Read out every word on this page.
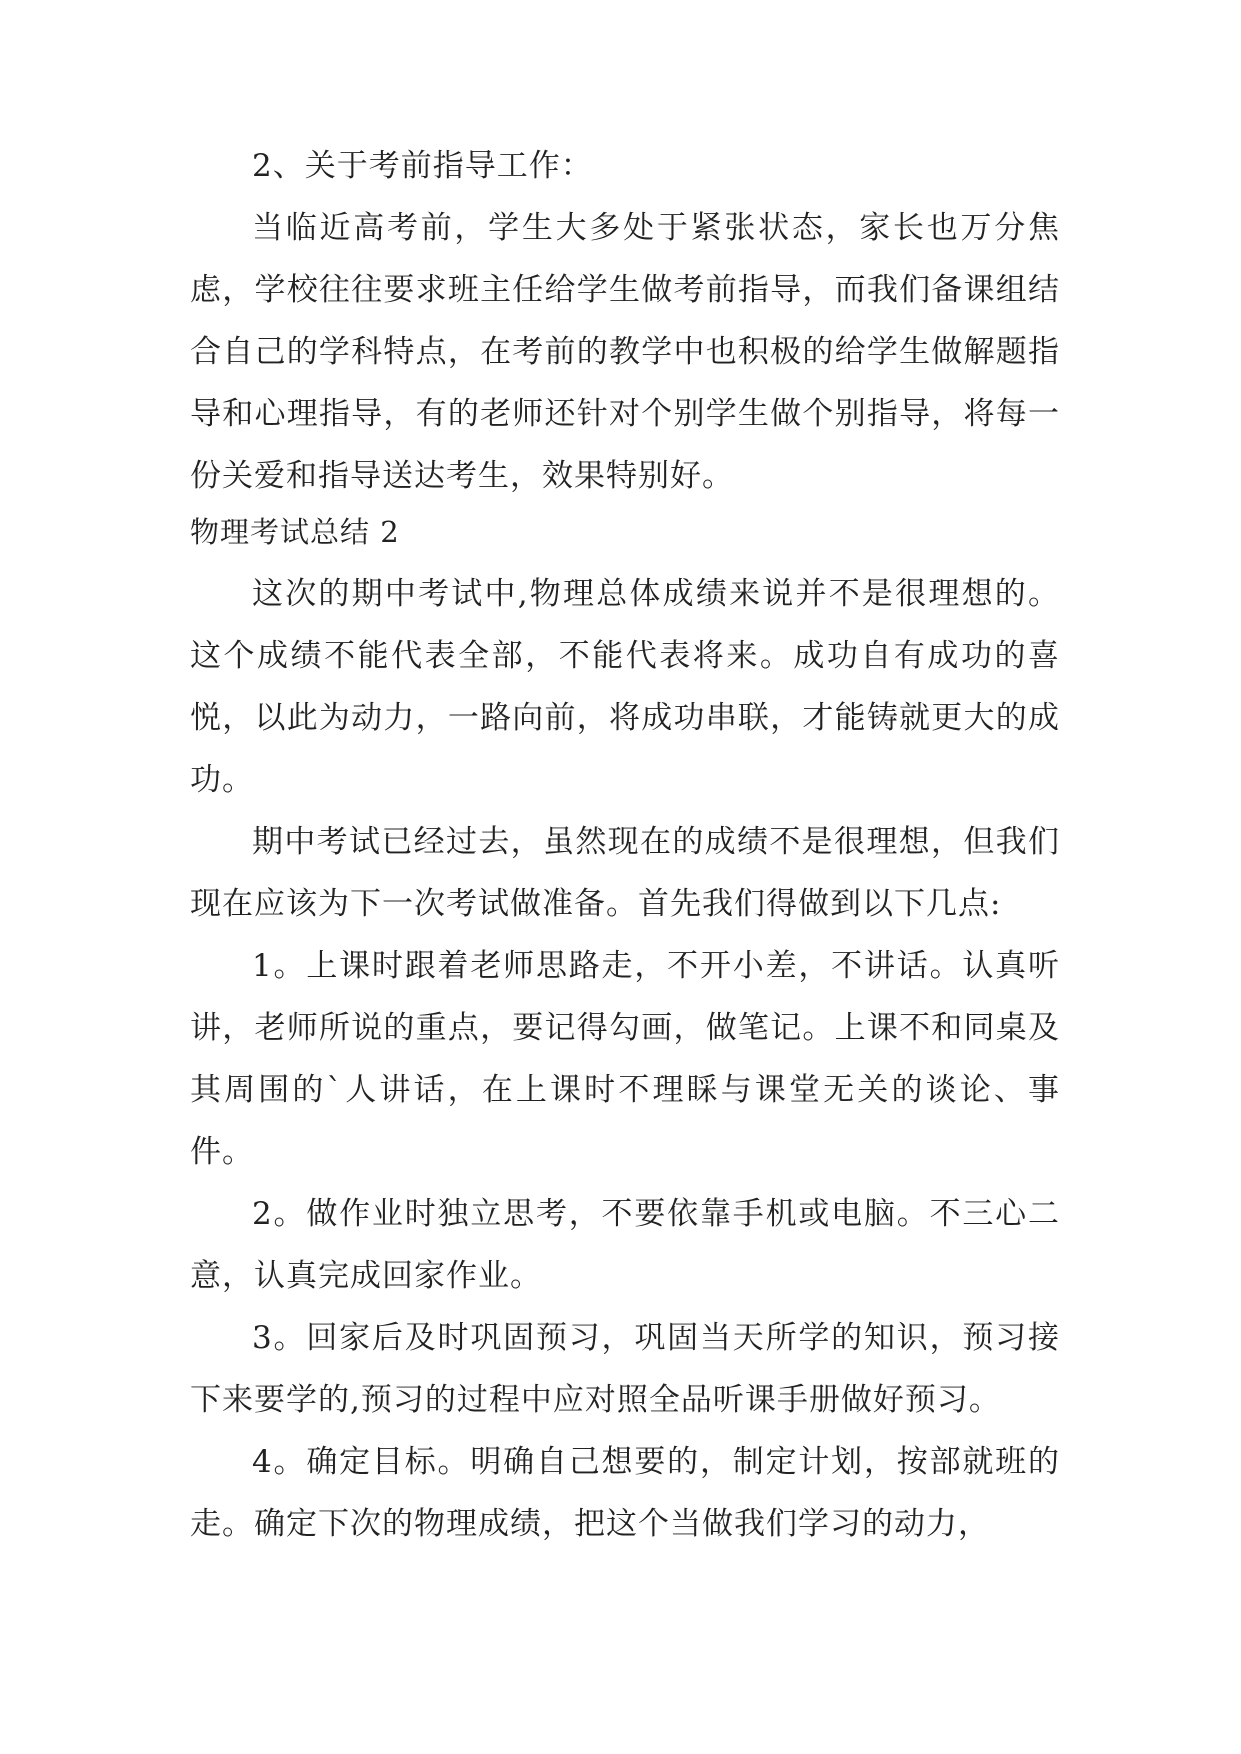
2、关于考前指导工作：

当临近高考前，学生大多处于紧张状态，家长也万分焦虑，学校往往要求班主任给学生做考前指导，而我们备课组结合自己的学科特点，在考前的教学中也积极的给学生做解题指导和心理指导，有的老师还针对个别学生做个别指导，将每一份关爱和指导送达考生，效果特别好。

物理考试总结 2

这次的期中考试中,物理总体成绩来说并不是很理想的。这个成绩不能代表全部，不能代表将来。成功自有成功的喜悦，以此为动力，一路向前，将成功串联，才能铸就更大的成功。

期中考试已经过去，虽然现在的成绩不是很理想，但我们现在应该为下一次考试做准备。首先我们得做到以下几点:

1。上课时跟着老师思路走，不开小差，不讲话。认真听讲，老师所说的重点，要记得勾画，做笔记。上课不和同桌及其周围的`人讲话，在上课时不理睬与课堂无关的谈论、事件。

2。做作业时独立思考，不要依靠手机或电脑。不三心二意，认真完成回家作业。

3。回家后及时巩固预习，巩固当天所学的知识，预习接下来要学的,预习的过程中应对照全品听课手册做好预习。

4。确定目标。明确自己想要的，制定计划，按部就班的走。确定下次的物理成绩，把这个当做我们学习的动力，
